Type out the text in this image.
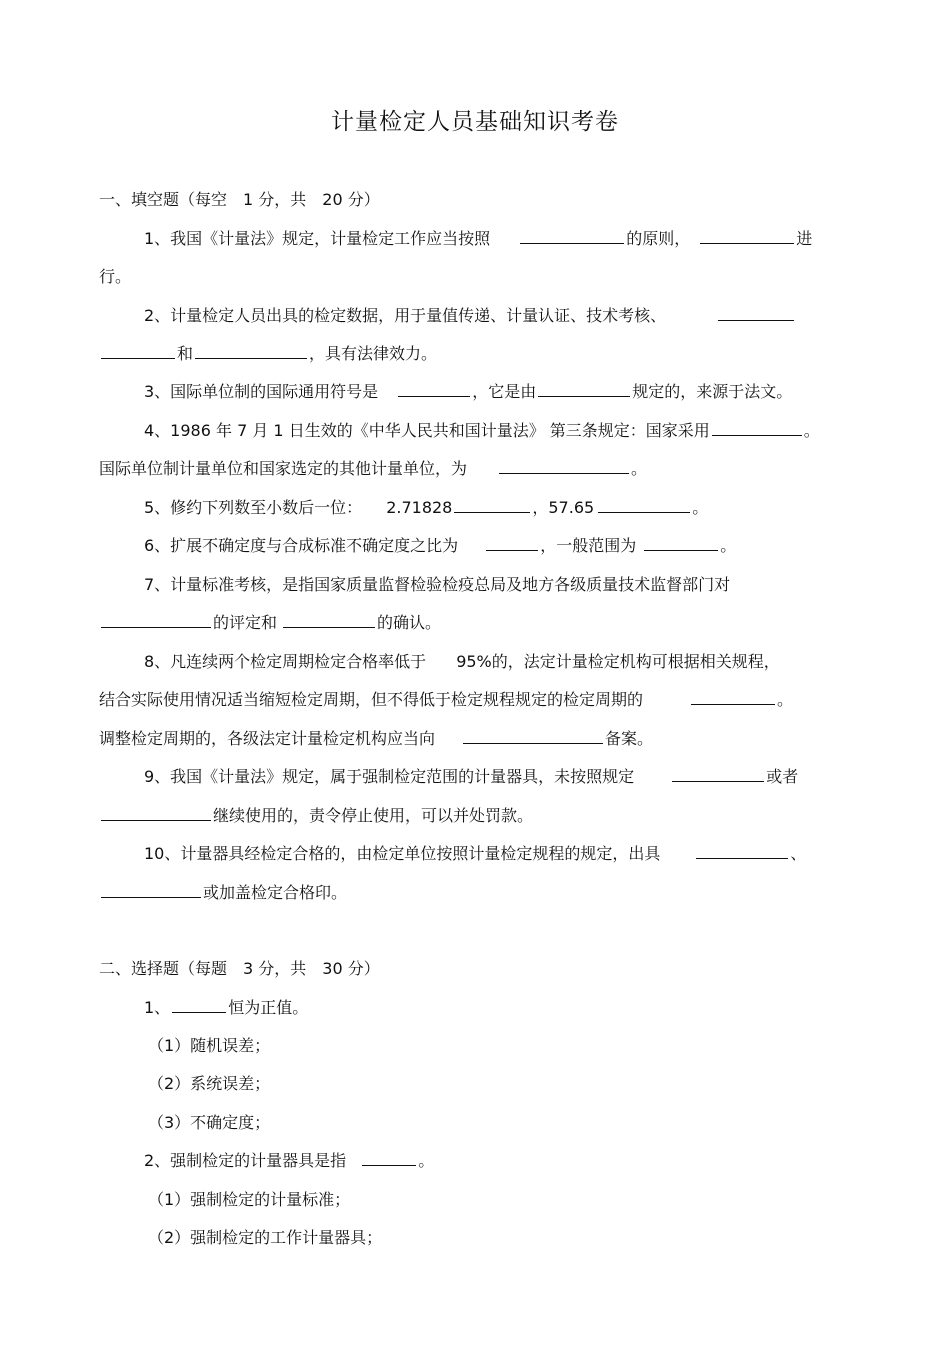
计量检定人员基础知识考卷
一、填空题（每空　1 分，共　20 分）
1、我国《计量法》规定，计量检定工作应当按照	的原则，	进
行。
2、计量检定人员出具的检定数据，用于量值传递、计量认证、技术考核、
和	，具有法律效力。
3、国际单位制的国际通用符号是	，它是由	规定的，来源于法文。
4、1986 年 7 月 1 日生效的《中华人民共和国计量法》 第三条规定：国家采用	。
国际单位制计量单位和国家选定的其他计量单位，为	。
5、修约下列数至小数后一位： 2.71828	，57.65	。
6、扩展不确定度与合成标准不确定度之比为	，一般范围为	。
7、计量标准考核，是指国家质量监督检验检疫总局及地方各级质量技术监督部门对
的评定和	的确认。
8、凡连续两个检定周期检定合格率低于 95%的，法定计量检定机构可根据相关规程，
结合实际使用情况适当缩短检定周期，但不得低于检定规程规定的检定周期的	。
调整检定周期的，各级法定计量检定机构应当向	备案。
9、我国《计量法》规定，属于强制检定范围的计量器具，未按照规定	或者
继续使用的，责令停止使用，可以并处罚款。
10、计量器具经检定合格的，由检定单位按照计量检定规程的规定，出具	、
或加盖检定合格印。
二、选择题（每题　3 分，共　30 分）
1、	恒为正值。
（1）随机误差；
（2）系统误差；
（3）不确定度；
2、强制检定的计量器具是指	。
（1）强制检定的计量标准；
（2）强制检定的工作计量器具；
